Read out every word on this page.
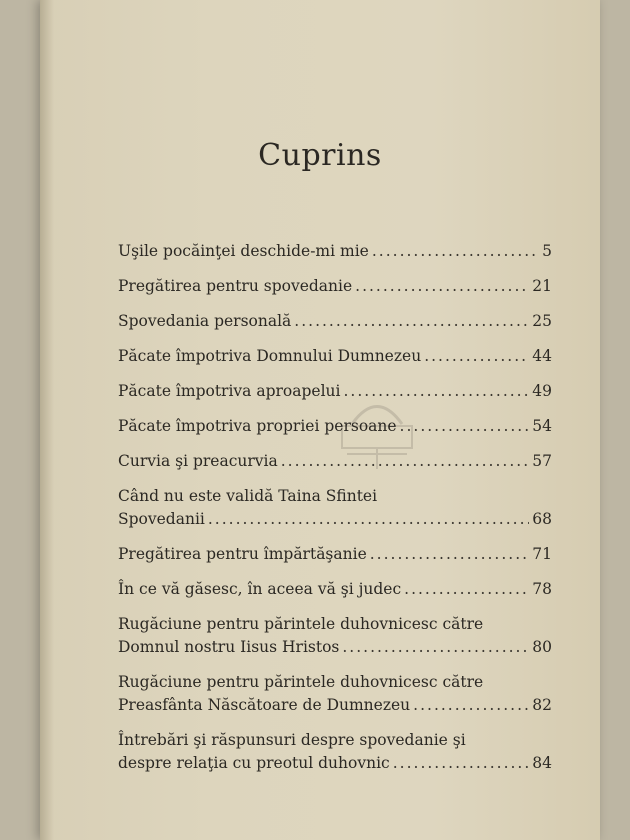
Cuprins
Uşile pocăinţei deschide-mi mie .....	5
Pregătirea pentru spovedanie .....	21
Spovedania personală .....	25
Păcate împotriva Domnului Dumnezeu .....	44
Păcate împotriva aproapelui .....	49
Păcate împotriva propriei persoane .....	54
Curvia şi preacurvia .....	57
Când nu este validă Taina Sfintei
Spovedanii .....	68
Pregătirea pentru împărtăşanie .....	71
În ce vă găsesc, în aceea vă şi judec .....	78
Rugăciune pentru părintele duhovnicesc către
Domnul nostru Iisus Hristos .....	80
Rugăciune pentru părintele duhovnicesc către
Preasfânta Născătoare de Dumnezeu .....	82
Întrebări şi răspunsuri despre spovedanie şi
despre relaţia cu preotul duhovnic .....	84
